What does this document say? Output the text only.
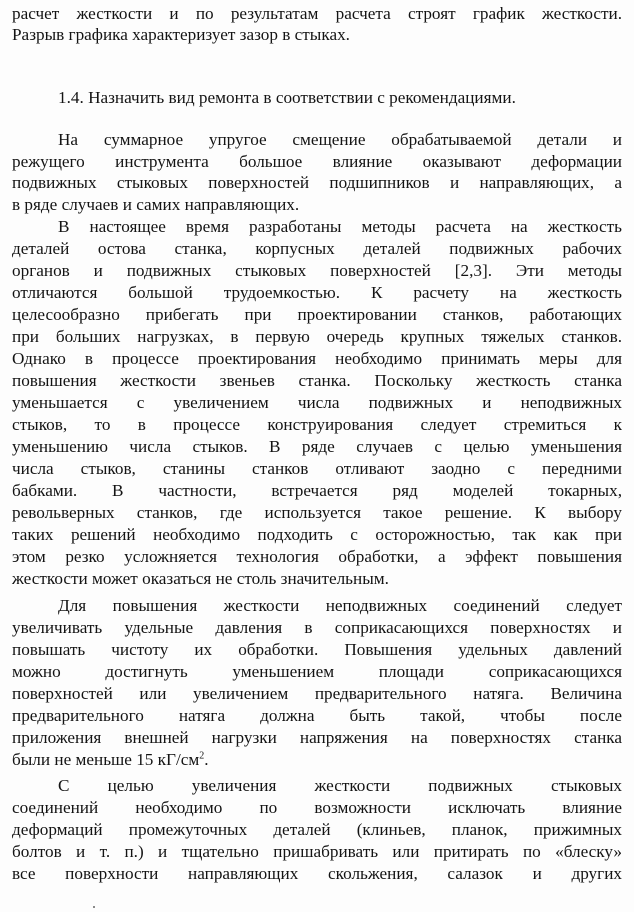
расчет жесткости и по результатам расчета строят график жесткости.
Разрыв графика характеризует зазор в стыках.
1.4. Назначить вид ремонта в соответствии с рекомендациями.
На суммарное упругое смещение обрабатываемой детали и
режущего инструмента большое влияние оказывают деформации
подвижных стыковых поверхностей подшипников и направляющих, а
в ряде случаев и самих направляющих.
В настоящее время разработаны методы расчета на жесткость
деталей остова станка, корпусных деталей подвижных рабочих
органов и подвижных стыковых поверхностей [2,3]. Эти методы
отличаются большой трудоемкостью. К расчету на жесткость
целесообразно прибегать при проектировании станков, работающих
при больших нагрузках, в первую очередь крупных тяжелых станков.
Однако в процессе проектирования необходимо принимать меры для
повышения жесткости звеньев станка. Поскольку жесткость станка
уменьшается с увеличением числа подвижных и неподвижных
стыков, то в процессе конструирования следует стремиться к
уменьшению числа стыков. В ряде случаев с целью уменьшения
числа стыков, станины станков отливают заодно с передними
бабками. В частности, встречается ряд моделей токарных,
револьверных станков, где используется такое решение. К выбору
таких решений необходимо подходить с осторожностью, так как при
этом резко усложняется технология обработки, а эффект повышения
жесткости может оказаться не столь значительным.
Для повышения жесткости неподвижных соединений следует
увеличивать удельные давления в соприкасающихся поверхностях и
повышать чистоту их обработки. Повышения удельных давлений
можно достигнуть уменьшением площади соприкасающихся
поверхностей или увеличением предварительного натяга. Величина
предварительного натяга должна быть такой, чтобы после
приложения внешней нагрузки напряжения на поверхностях станка
были не меньше 15 $кГ/см^2$.
С целью увеличения жесткости подвижных стыковых
соединений необходимо по возможности исключать влияние
деформаций промежуточных деталей (клиньев, планок, прижимных
болтов и т. п.) и тщательно пришабривать или притирать по «блеску»
все поверхности направляющих скольжения, салазок и других
